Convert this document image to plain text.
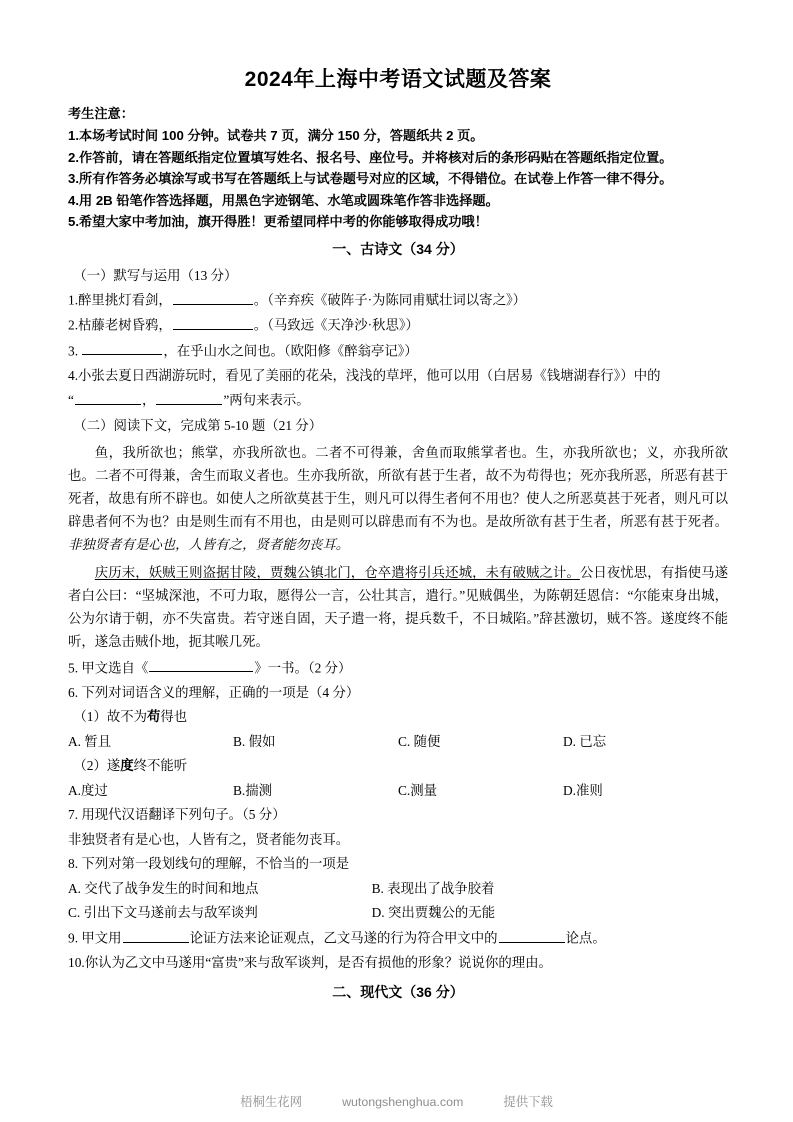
2024年上海中考语文试题及答案

考生注意：

1.本场考试时间 100 分钟。试卷共 7 页，满分 150 分，答题纸共 2 页。

2.作答前，请在答题纸指定位置填写姓名、报名号、座位号。并将核对后的条形码贴在答题纸指定位置。

3.所有作答务必填涂写或书写在答题纸上与试卷题号对应的区域，不得错位。在试卷上作答一律不得分。

4.用 2B 铅笔作答选择题，用黑色字迹钢笔、水笔或圆珠笔作答非选择题。

5.希望大家中考加油，旗开得胜！更希望同样中考的你能够取得成功哦！

一、古诗文（34 分）

（一）默写与运用（13 分）

1.醉里挑灯看剑，	。（辛弃疾《破阵子·为陈同甫赋壮词以寄之》）

2.枯藤老树昏鸦，	。（马致远《天净沙·秋思》）

3.	，在乎山水之间也。（欧阳修《醉翁亭记》）

4.小张去夏日西湖游玩时，看见了美丽的花朵，浅浅的草坪，他可以用（白居易《钱塘湖春行》）中的

“	，	”两句来表示。

（二）阅读下文，完成第 5-10 题（21 分）

鱼，我所欲也；熊掌，亦我所欲也。二者不可得兼，舍鱼而取熊掌者也。生，亦我所欲也；义，亦我所欲也。二者不可得兼，舍生而取义者也。生亦我所欲，所欲有甚于生者，故不为苟得也；死亦我所恶，所恶有甚于死者，故患有所不辟也。如使人之所欲莫甚于生，则凡可以得生者何不用也？使人之所恶莫甚于死者，则凡可以辟患者何不为也？由是则生而有不用也，由是则可以辟患而有不为也。是故所欲有甚于生者，所恶有甚于死者。非独贤者有是心也，人皆有之，贤者能勿丧耳。

庆历末，妖贼王则盗据甘陵，贾魏公镇北门，仓卒遣将引兵还城，未有破贼之计。公日夜忧思，有指使马遂者白公曰：“坚城深池，不可力取，愿得公一言，公壮其言，遣行。”见贼偶坐，为陈朝廷恩信：“尔能束身出城，公为尔请于朝，亦不失富贵。若守迷自固，天子遣一将，提兵数千，不日城陷。”辞甚激切，贼不答。遂度终不能听，遂急击贼仆地，扼其喉几死。

5. 甲文选自《	》一书。（2 分）

6. 下列对词语含义的理解，正确的一项是（4 分）

（1）故不为苟得也

A. 暂且	B. 假如	C. 随便	D. 已忘

（2）遂度终不能听

A.度过	B.揣测	C.测量	D.准则

7. 用现代汉语翻译下列句子。（5 分）

非独贤者有是心也，人皆有之，贤者能勿丧耳。

8. 下列对第一段划线句的理解，不恰当的一项是

A. 交代了战争发生的时间和地点	B. 表现出了战争胶着
C. 引出下文马遂前去与敌军谈判	D. 突出贾魏公的无能

9. 甲文用	论证方法来论证观点，乙文马遂的行为符合甲文中的	论点。

10.你认为乙文中马遂用“富贵”来与敌军谈判，是否有损他的形象？说说你的理由。

二、现代文（36 分）
梧桐生花网	wutongshenghua.com	提供下载
